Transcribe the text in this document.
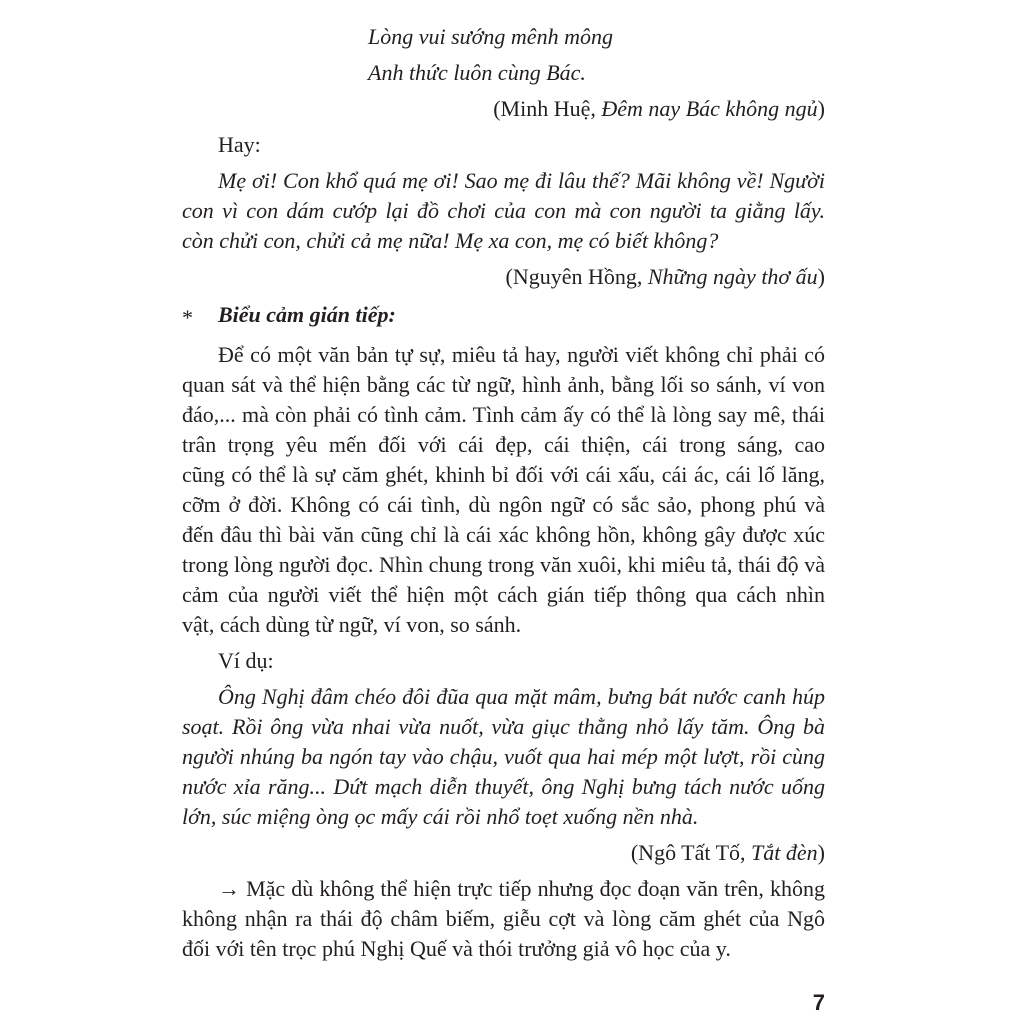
Lòng vui sướng mênh mông
Anh thức luôn cùng Bác.
(Minh Huệ, Đêm nay Bác không ngủ)
Hay:
Mẹ ơi! Con khổ quá mẹ ơi! Sao mẹ đi lâu thế? Mãi không về! Người
con vì con dám cướp lại đồ chơi của con mà con người ta giằng lấy.
còn chửi con, chửi cả mẹ nữa! Mẹ xa con, mẹ có biết không?
(Nguyên Hồng, Những ngày thơ ấu)
* Biểu cảm gián tiếp:
Để có một văn bản tự sự, miêu tả hay, người viết không chỉ phải có
quan sát và thể hiện bằng các từ ngữ, hình ảnh, bằng lối so sánh, ví von
đáo,... mà còn phải có tình cảm. Tình cảm ấy có thể là lòng say mê, thái
trân trọng yêu mến đối với cái đẹp, cái thiện, cái trong sáng, cao
cũng có thể là sự căm ghét, khinh bỉ đối với cái xấu, cái ác, cái lố lăng,
cỡm ở đời. Không có cái tình, dù ngôn ngữ có sắc sảo, phong phú và
đến đâu thì bài văn cũng chỉ là cái xác không hồn, không gây được xúc
trong lòng người đọc. Nhìn chung trong văn xuôi, khi miêu tả, thái độ và
cảm của người viết thể hiện một cách gián tiếp thông qua cách nhìn
vật, cách dùng từ ngữ, ví von, so sánh.
Ví dụ:
Ông Nghị đâm chéo đôi đũa qua mặt mâm, bưng bát nước canh húp
soạt. Rồi ông vừa nhai vừa nuốt, vừa giục thằng nhỏ lấy tăm. Ông bà
người nhúng ba ngón tay vào chậu, vuốt qua hai mép một lượt, rồi cùng
nước xỉa răng... Dứt mạch diễn thuyết, ông Nghị bưng tách nước uống
lớn, súc miệng òng ọc mấy cái rồi nhổ toẹt xuống nền nhà.
(Ngô Tất Tố, Tắt đèn)
→ Mặc dù không thể hiện trực tiếp nhưng đọc đoạn văn trên, không
không nhận ra thái độ châm biếm, giễu cợt và lòng căm ghét của Ngô
đối với tên trọc phú Nghị Quế và thói trưởng giả vô học của y.
7
